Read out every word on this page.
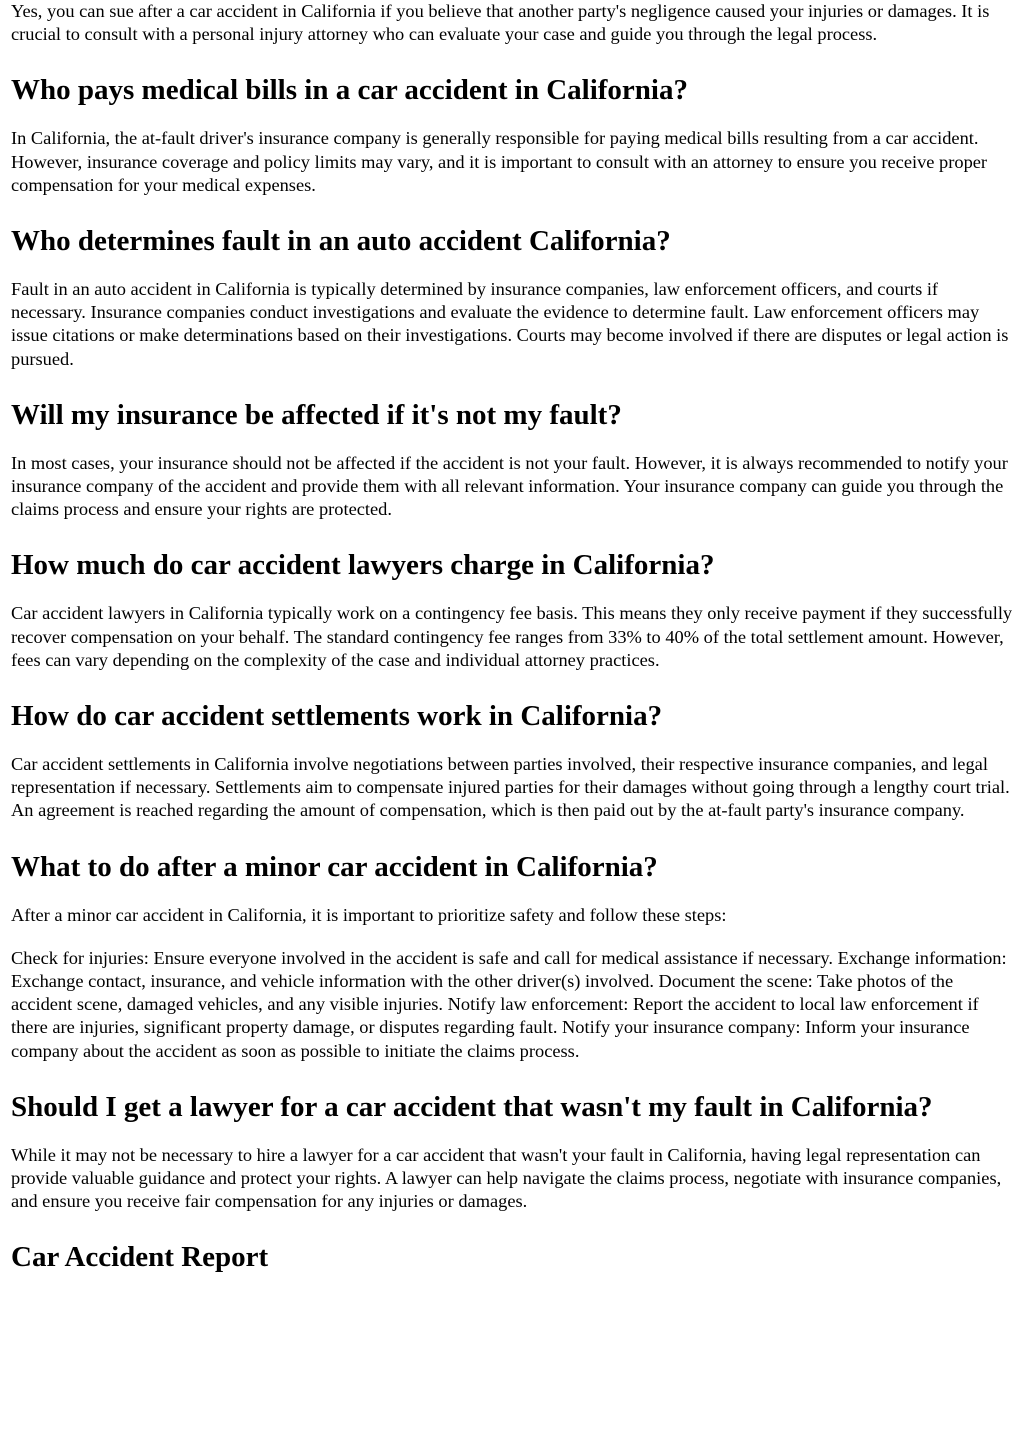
Yes, you can sue after a car accident in California if you believe that another party's negligence caused your injuries or damages. It is crucial to consult with a personal injury attorney who can evaluate your case and guide you through the legal process.

Who pays medical bills in a car accident in California?

In California, the at-fault driver's insurance company is generally responsible for paying medical bills resulting from a car accident. However, insurance coverage and policy limits may vary, and it is important to consult with an attorney to ensure you receive proper compensation for your medical expenses.

Who determines fault in an auto accident California?

Fault in an auto accident in California is typically determined by insurance companies, law enforcement officers, and courts if necessary. Insurance companies conduct investigations and evaluate the evidence to determine fault. Law enforcement officers may issue citations or make determinations based on their investigations. Courts may become involved if there are disputes or legal action is pursued.

Will my insurance be affected if it's not my fault?

In most cases, your insurance should not be affected if the accident is not your fault. However, it is always recommended to notify your insurance company of the accident and provide them with all relevant information. Your insurance company can guide you through the claims process and ensure your rights are protected.

How much do car accident lawyers charge in California?

Car accident lawyers in California typically work on a contingency fee basis. This means they only receive payment if they successfully recover compensation on your behalf. The standard contingency fee ranges from 33% to 40% of the total settlement amount. However, fees can vary depending on the complexity of the case and individual attorney practices.

How do car accident settlements work in California?

Car accident settlements in California involve negotiations between parties involved, their respective insurance companies, and legal representation if necessary. Settlements aim to compensate injured parties for their damages without going through a lengthy court trial. An agreement is reached regarding the amount of compensation, which is then paid out by the at-fault party's insurance company.

What to do after a minor car accident in California?

After a minor car accident in California, it is important to prioritize safety and follow these steps:

Check for injuries: Ensure everyone involved in the accident is safe and call for medical assistance if necessary. Exchange information: Exchange contact, insurance, and vehicle information with the other driver(s) involved. Document the scene: Take photos of the accident scene, damaged vehicles, and any visible injuries. Notify law enforcement: Report the accident to local law enforcement if there are injuries, significant property damage, or disputes regarding fault. Notify your insurance company: Inform your insurance company about the accident as soon as possible to initiate the claims process.

Should I get a lawyer for a car accident that wasn't my fault in California?

While it may not be necessary to hire a lawyer for a car accident that wasn't your fault in California, having legal representation can provide valuable guidance and protect your rights. A lawyer can help navigate the claims process, negotiate with insurance companies, and ensure you receive fair compensation for any injuries or damages.

Car Accident Report
